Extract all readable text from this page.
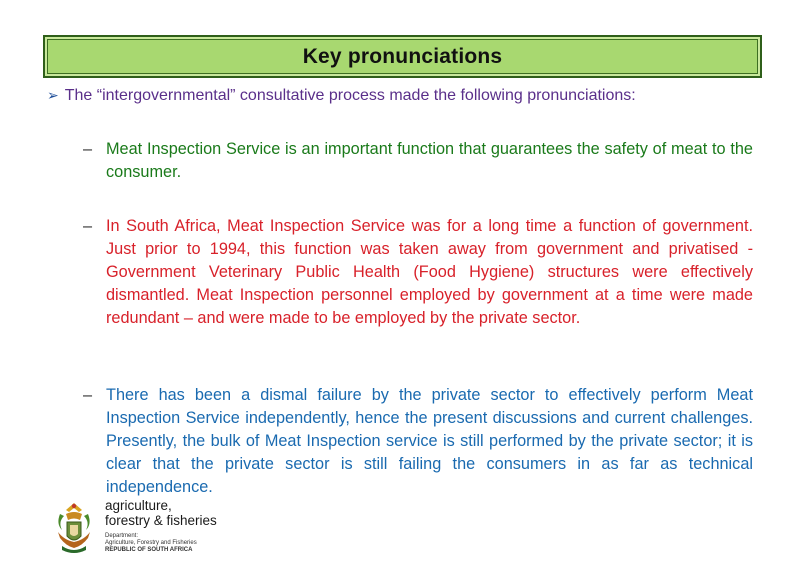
Key pronunciations
➢ The “intergovernmental” consultative process made the following pronunciations:
– Meat Inspection Service is an important function that guarantees the safety of meat to the consumer.
– In South Africa, Meat Inspection Service was for a long time a function of government. Just prior to 1994, this function was taken away from government and privatised - Government Veterinary Public Health (Food Hygiene) structures were effectively dismantled. Meat Inspection personnel employed by government at a time were made redundant – and were made to be employed by the private sector.
– There has been a dismal failure by the private sector to effectively perform Meat Inspection Service independently, hence the present discussions and current challenges. Presently, the bulk of Meat Inspection service is still performed by the private sector; it is clear that the private sector is still failing the consumers in as far as technical independence.
agriculture,
forestry & fisheries
Department:
Agriculture, Forestry and Fisheries
REPUBLIC OF SOUTH AFRICA
